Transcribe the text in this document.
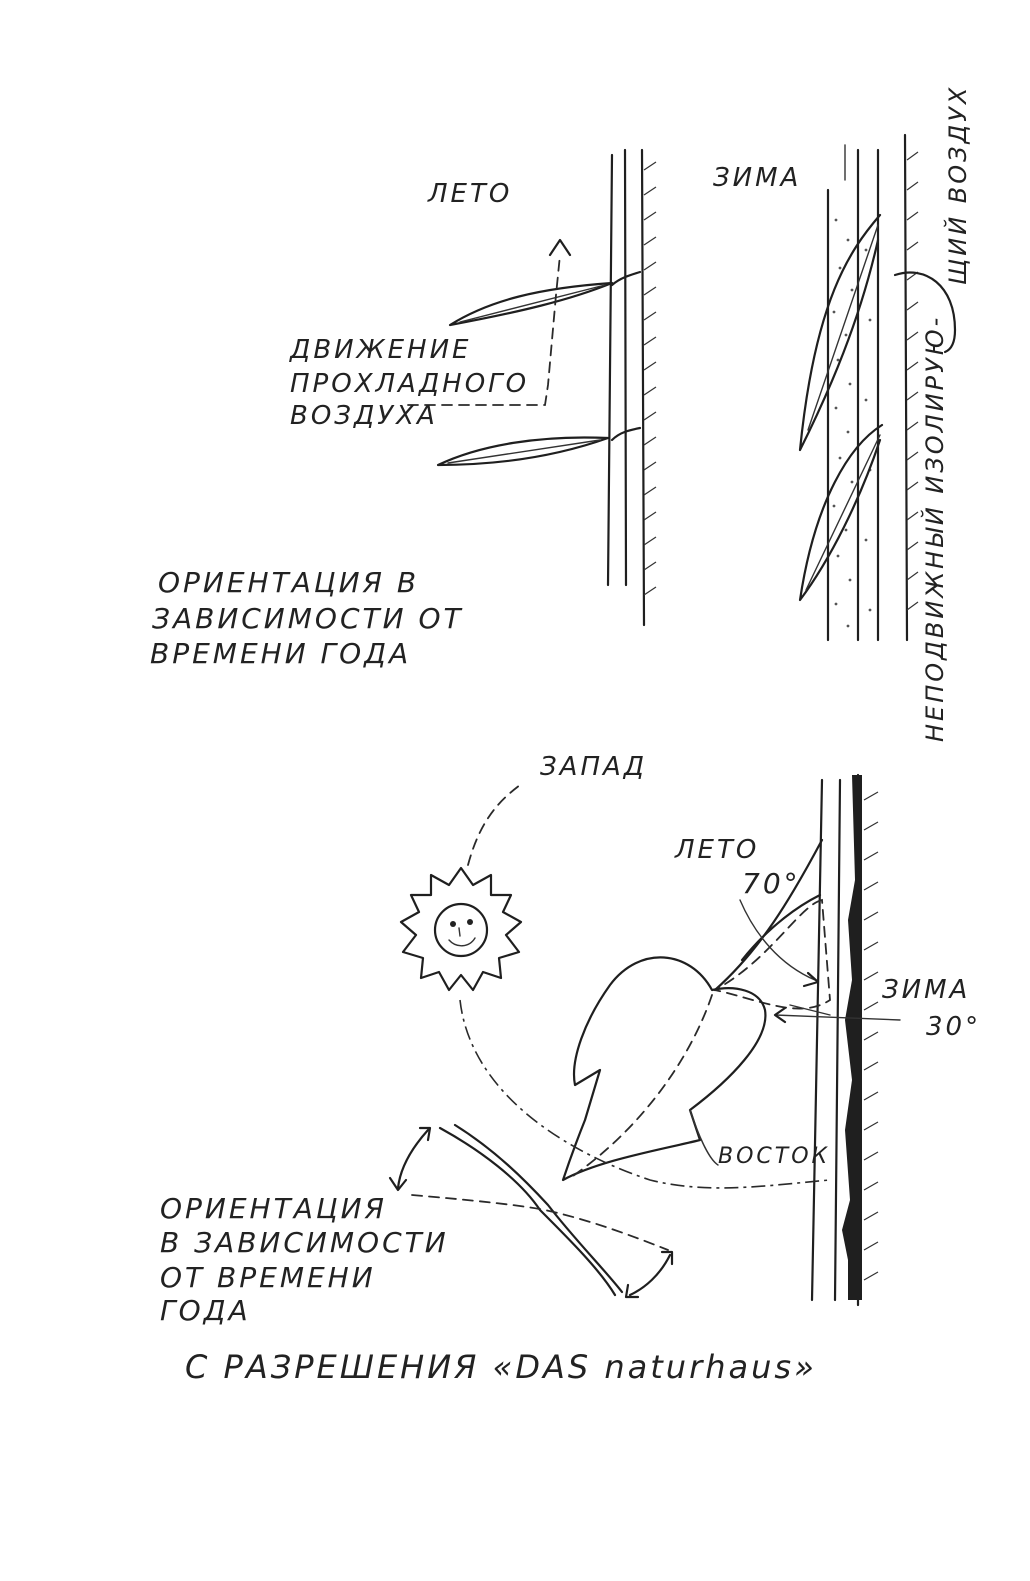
ЛЕТО
ЗИМА
ДВИЖЕНИЕ
ПРОХЛАДНОГО
ВОЗДУХА
ОРИЕНТАЦИЯ В
ЗАВИСИМОСТИ ОТ
ВРЕМЕНИ ГОДА	НЕПОДВИЖНЫЙ ИЗОЛИРУЮ-
ЩИЙ ВОЗДУХ
ЗАПАД
ЛЕТО
70°
ЗИМА
30°
ВОСТОК
ОРИЕНТАЦИЯ
В ЗАВИСИМОСТИ
ОТ ВРЕМЕНИ
ГОДА
С РАЗРЕШЕНИЯ «DAS naturhaus»
